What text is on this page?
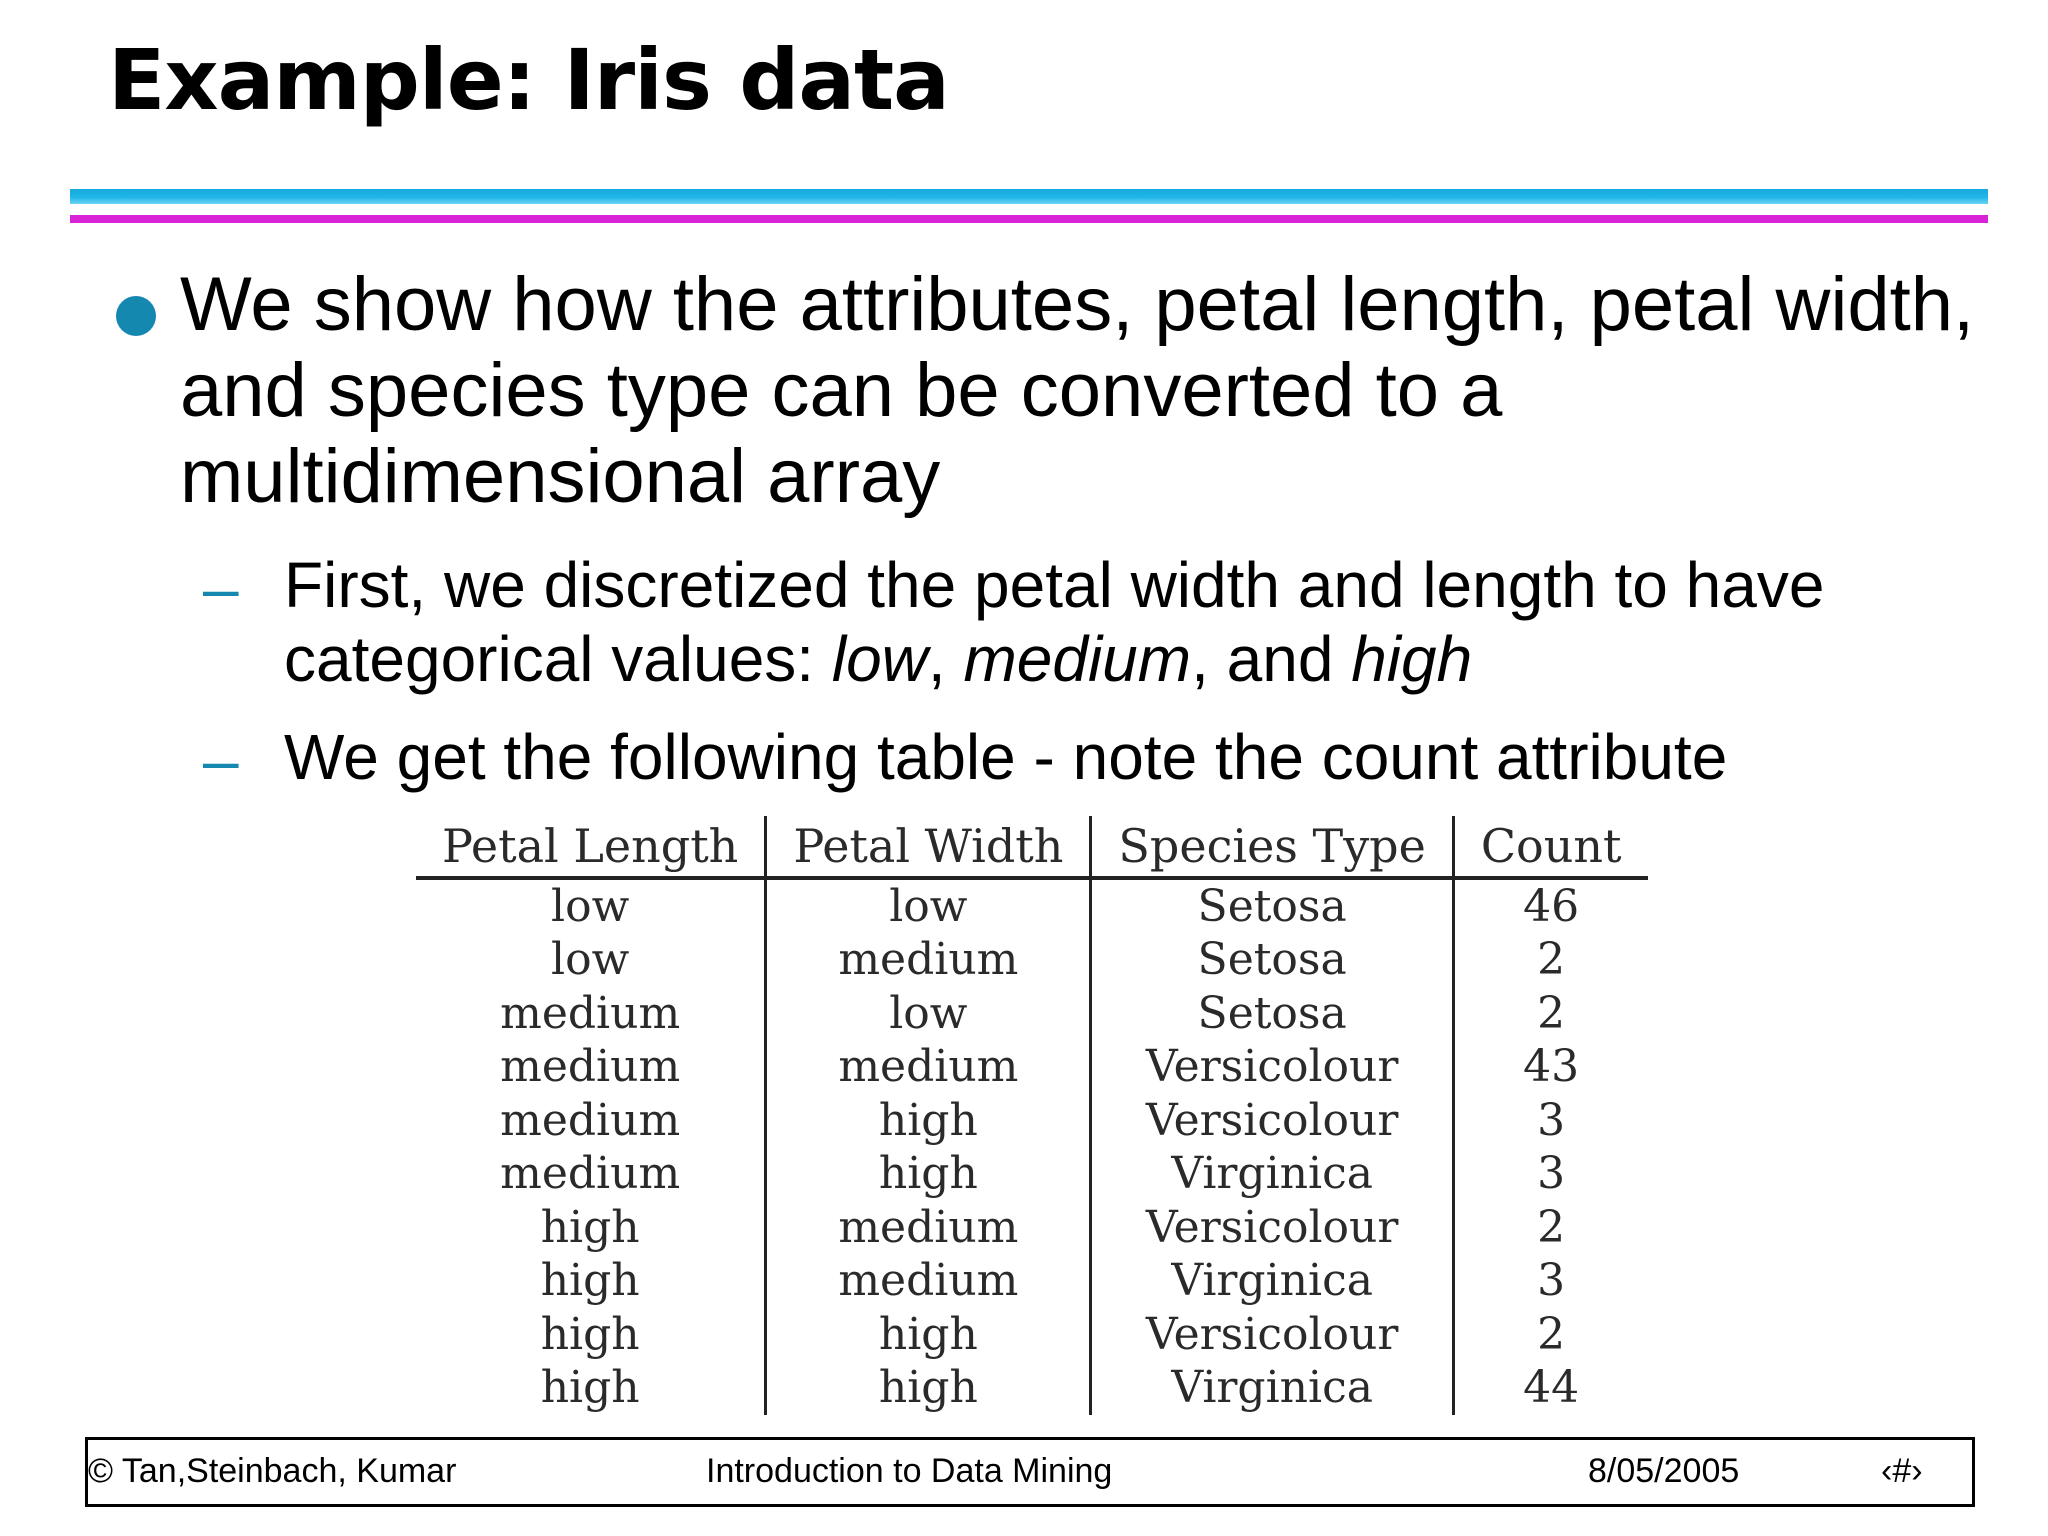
Example: Iris data

We show how the attributes, petal length, petal width, and species type can be converted to a multidimensional array

– First, we discretized the petal width and length to have categorical values: low, medium, and high

– We get the following table - note the count attribute

Petal Length	Petal Width	Species Type	Count
low	low	Setosa	46
low	medium	Setosa	2
medium	low	Setosa	2
medium	medium	Versicolour	43
medium	high	Versicolour	3
medium	high	Virginica	3
high	medium	Versicolour	2
high	medium	Virginica	3
high	high	Versicolour	2
high	high	Virginica	44
© Tan,Steinbach, Kumar	Introduction to Data Mining	8/05/2005	‹#›
